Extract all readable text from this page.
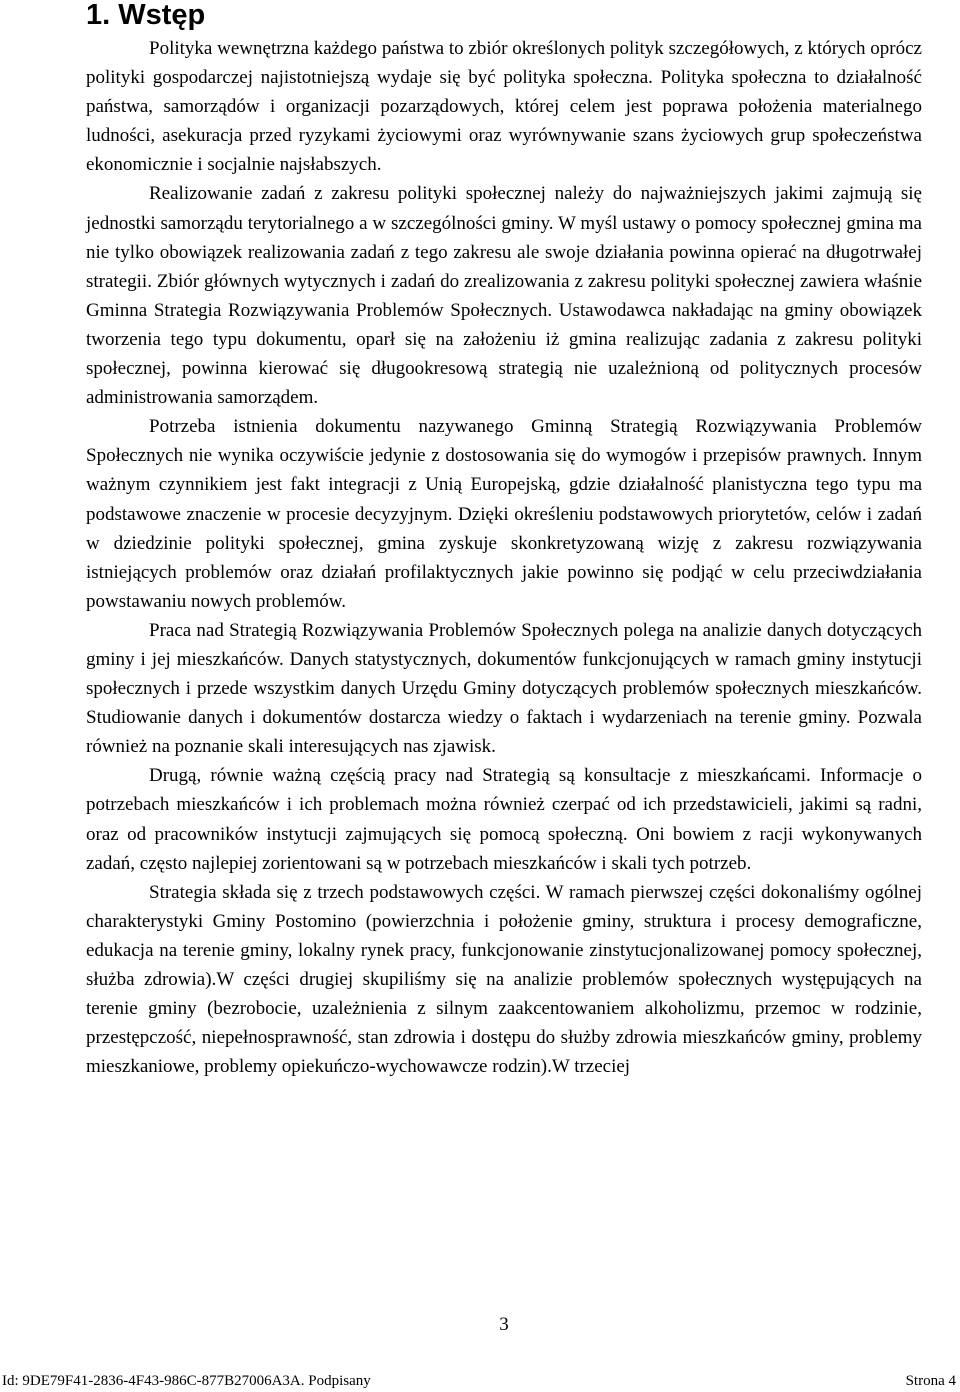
1. Wstęp

Polityka wewnętrzna każdego państwa to zbiór określonych polityk szczegółowych, z których oprócz polityki gospodarczej najistotniejszą wydaje się być polityka społeczna. Polityka społeczna to działalność państwa, samorządów i organizacji pozarządowych, której celem jest poprawa położenia materialnego ludności, asekuracja przed ryzykami życiowymi oraz wyrównywanie szans życiowych grup społeczeństwa ekonomicznie i socjalnie najsłabszych.

Realizowanie zadań z zakresu polityki społecznej należy do najważniejszych jakimi zajmują się jednostki samorządu terytorialnego a w szczególności gminy. W myśl ustawy o pomocy społecznej gmina ma nie tylko obowiązek realizowania zadań z tego zakresu ale swoje działania powinna opierać na długotrwałej strategii. Zbiór głównych wytycznych i zadań do zrealizowania z zakresu polityki społecznej zawiera właśnie Gminna Strategia Rozwiązywania Problemów Społecznych. Ustawodawca nakładając na gminy obowiązek tworzenia tego typu dokumentu, oparł się na założeniu iż gmina realizując zadania z zakresu polityki społecznej, powinna kierować się długookresową strategią nie uzależnioną od politycznych procesów administrowania samorządem.

Potrzeba istnienia dokumentu nazywanego Gminną Strategią Rozwiązywania Problemów Społecznych nie wynika oczywiście jedynie z dostosowania się do wymogów i przepisów prawnych. Innym ważnym czynnikiem jest fakt integracji z Unią Europejską, gdzie działalność planistyczna tego typu ma podstawowe znaczenie w procesie decyzyjnym. Dzięki określeniu podstawowych priorytetów, celów i zadań w dziedzinie polityki społecznej, gmina zyskuje skonkretyzowaną wizję z zakresu rozwiązywania istniejących problemów oraz działań profilaktycznych jakie powinno się podjąć w celu przeciwdziałania powstawaniu nowych problemów.

Praca nad Strategią Rozwiązywania Problemów Społecznych polega na analizie danych dotyczących gminy i jej mieszkańców. Danych statystycznych, dokumentów funkcjonujących w ramach gminy instytucji społecznych i przede wszystkim danych Urzędu Gminy dotyczących problemów społecznych mieszkańców. Studiowanie danych i dokumentów dostarcza wiedzy o faktach i wydarzeniach na terenie gminy. Pozwala również na poznanie skali interesujących nas zjawisk.

Drugą, równie ważną częścią pracy nad Strategią są konsultacje z mieszkańcami. Informacje o potrzebach mieszkańców i ich problemach można również czerpać od ich przedstawicieli, jakimi są radni, oraz od pracowników instytucji zajmujących się pomocą społeczną. Oni bowiem z racji wykonywanych zadań, często najlepiej zorientowani są w potrzebach mieszkańców i skali tych potrzeb.

Strategia składa się z trzech podstawowych części. W ramach pierwszej części dokonaliśmy ogólnej charakterystyki Gminy Postomino (powierzchnia i położenie gminy, struktura i procesy demograficzne, edukacja na terenie gminy, lokalny rynek pracy, funkcjonowanie zinstytucjonalizowanej pomocy społecznej, służba zdrowia).W części drugiej skupiliśmy się na analizie problemów społecznych występujących na terenie gminy (bezrobocie, uzależnienia z silnym zaakcentowaniem alkoholizmu, przemoc w rodzinie, przestępczość, niepełnosprawność, stan zdrowia i dostępu do służby zdrowia mieszkańców gminy, problemy mieszkaniowe, problemy opiekuńczo-wychowawcze rodzin).W trzeciej

3
Id: 9DE79F41-2836-4F43-986C-877B27006A3A. Podpisany	Strona 4
